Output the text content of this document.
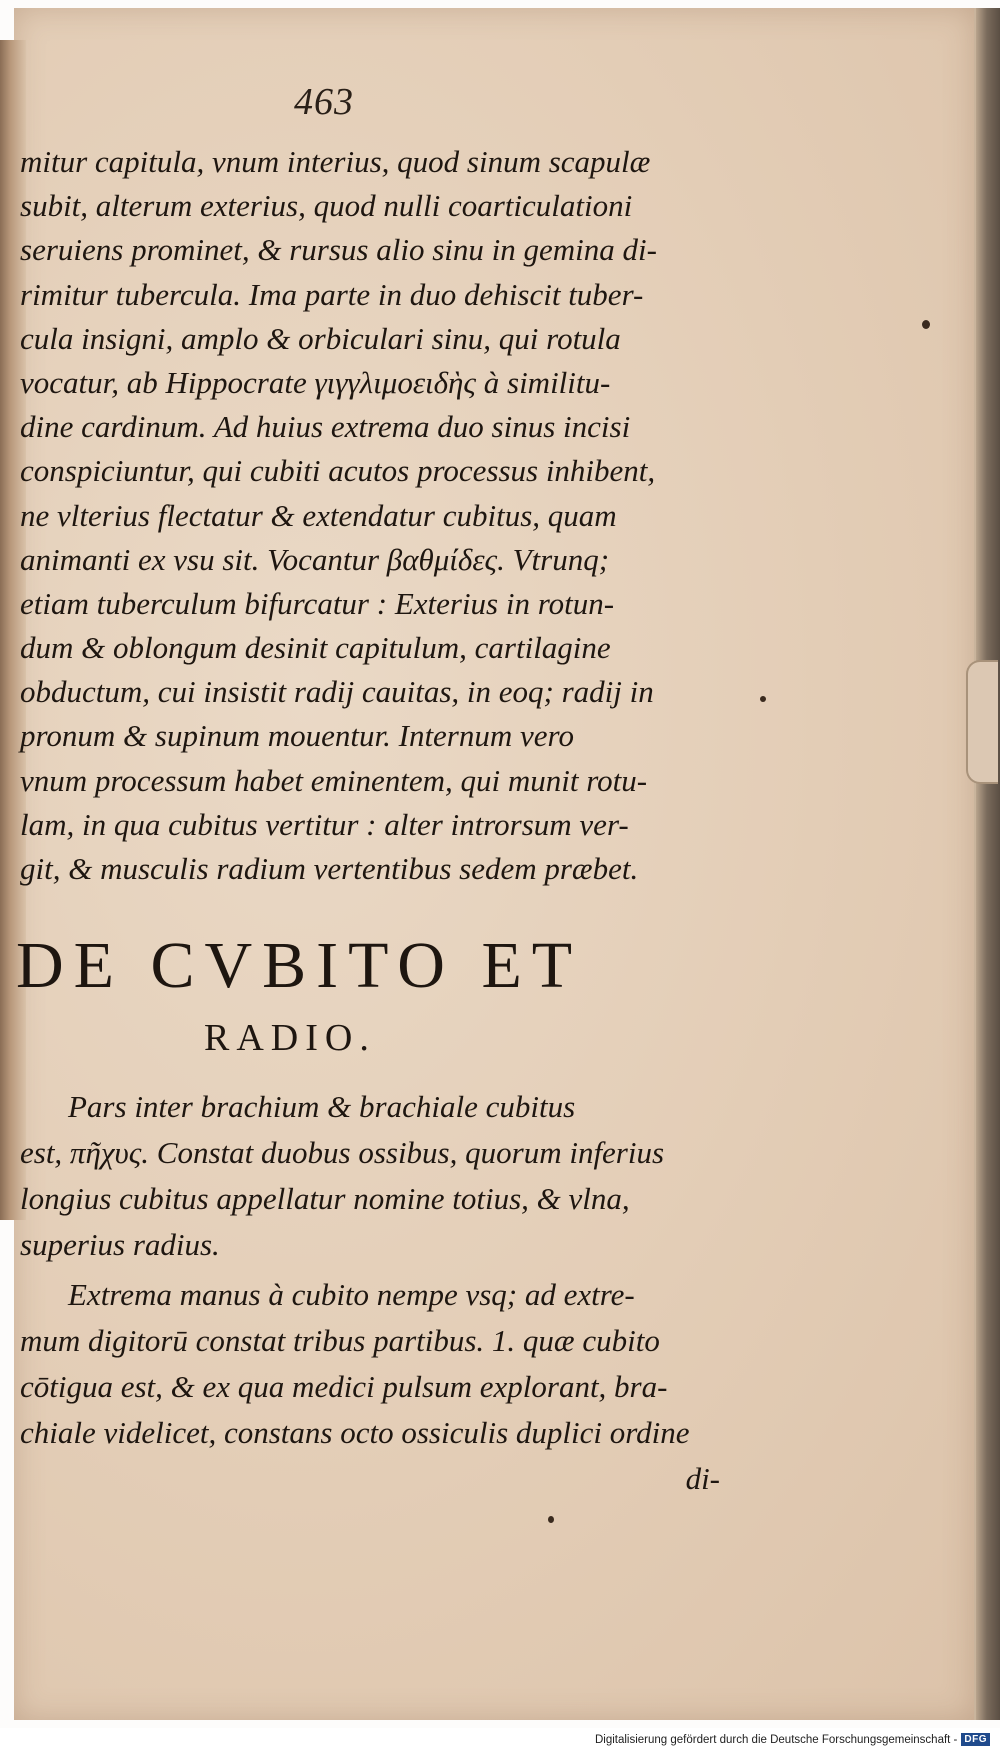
463
mitur capitula, vnum interius, quod sinum scapulæ
subit, alterum exterius, quod nulli coarticulationi
seruiens prominet, & rursus alio sinu in gemina di-
rimitur tubercula. Ima parte in duo dehiscit tuber-
cula insigni, amplo & orbiculari sinu, qui rotula
vocatur, ab Hippocrate γιγγλιμοειδὴς à similitu-
dine cardinum. Ad huius extrema duo sinus incisi
conspiciuntur, qui cubiti acutos processus inhibent,
ne vlterius flectatur & extendatur cubitus, quam
animanti ex vsu sit. Vocantur βαθμίδες. Vtrunq;
etiam tuberculum bifurcatur : Exterius in rotun-
dum & oblongum desinit capitulum, cartilagine
obductum, cui insistit radij cauitas, in eoq; radij in
pronum & supinum mouentur. Internum vero
vnum processum habet eminentem, qui munit rotu-
lam, in qua cubitus vertitur : alter introrsum ver-
git, & musculis radium vertentibus sedem præbet.
DE CVBITO ET
RADIO.
Pars inter brachium & brachiale cubitus
est, πῆχυς. Constat duobus ossibus, quorum inferius
longius cubitus appellatur nomine totius, & vlna,
superius radius.
Extrema manus à cubito nempe vsq; ad extre-
mum digitorū constat tribus partibus. 1. quæ cubito
cōtigua est, & ex qua medici pulsum explorant, bra-
chiale videlicet, constans octo ossiculis duplici ordine
di-
Digitalisierung gefördert durch die Deutsche Forschungsgemeinschaft - DFG
